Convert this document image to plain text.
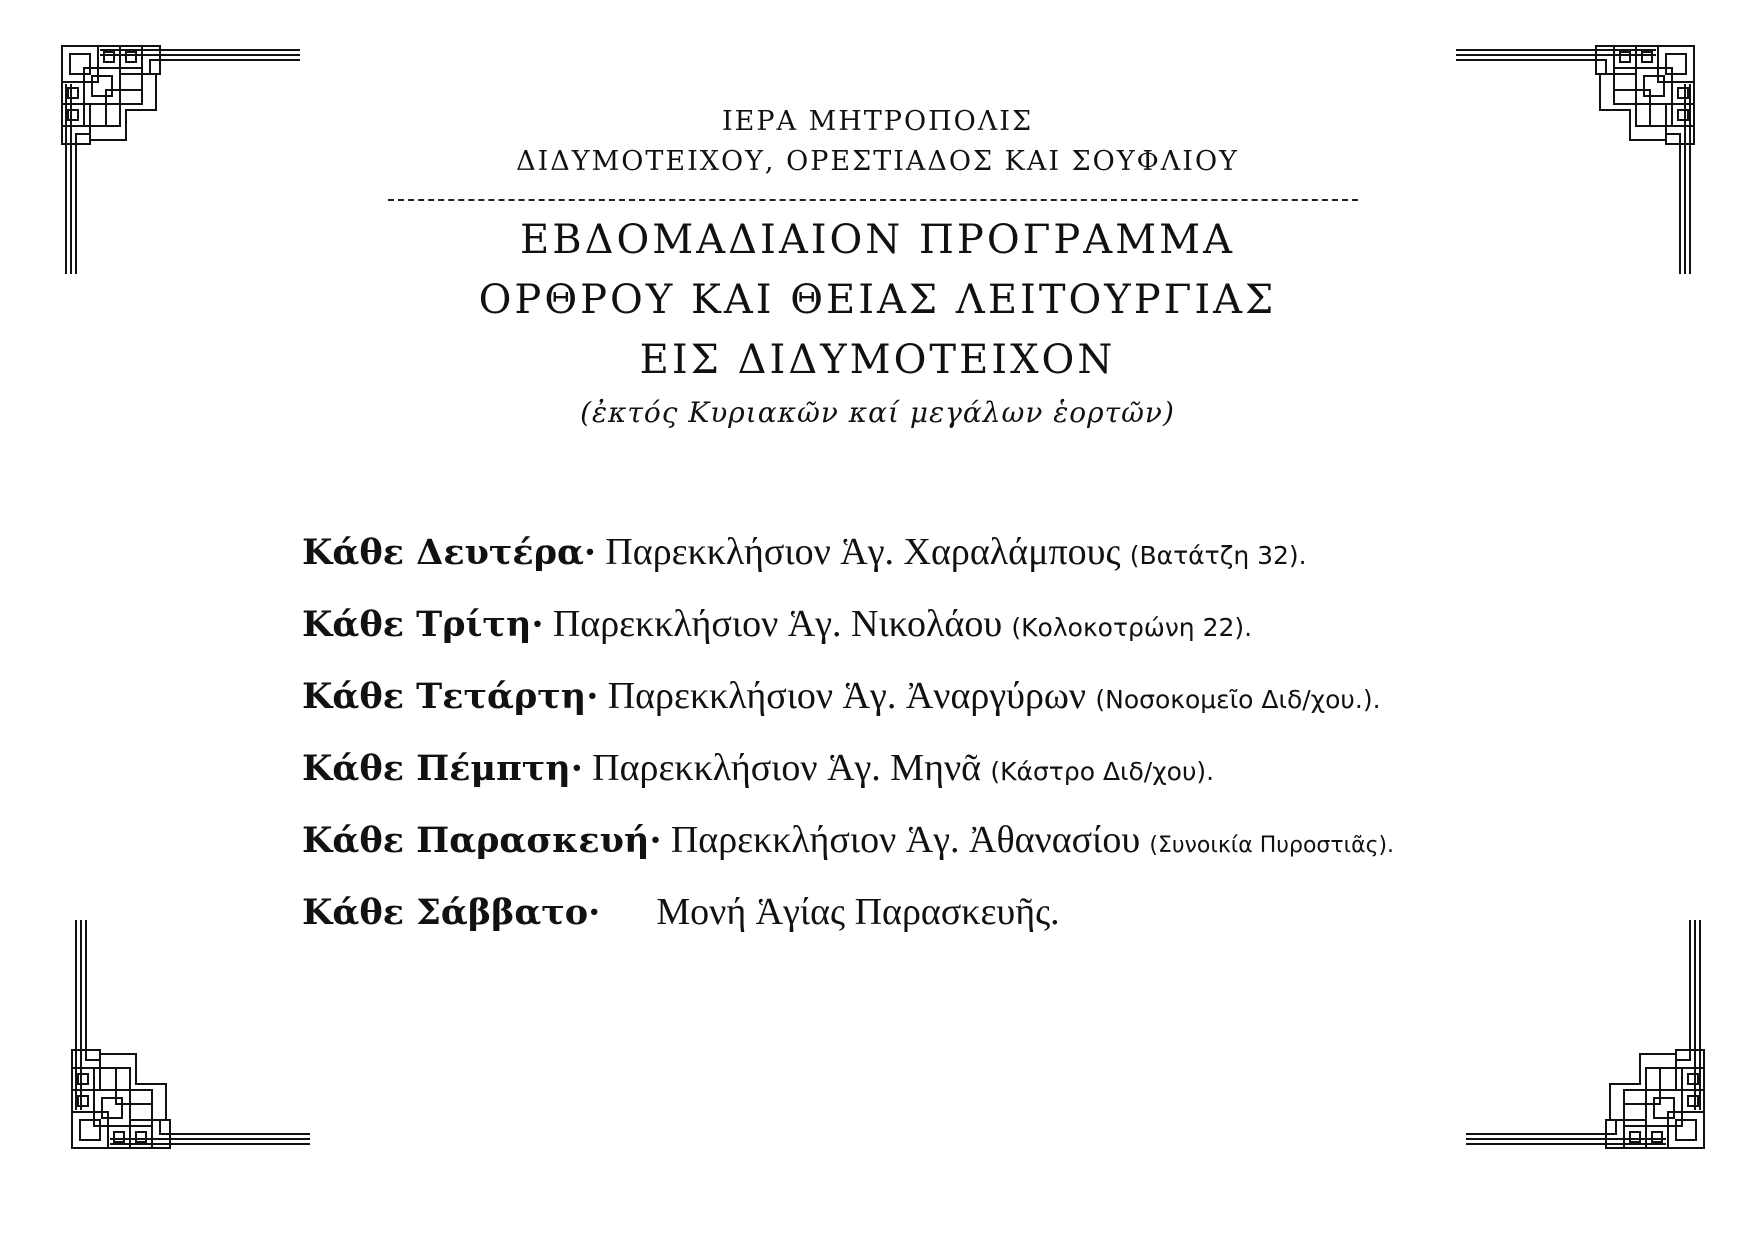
ΙΕΡΑ ΜΗΤΡΟΠΟΛΙΣ
ΔΙΔΥΜΟΤΕΙΧΟΥ, ΟΡΕΣΤΙΑΔΟΣ ΚΑΙ ΣΟΥΦΛΙΟΥ
ΕΒΔΟΜΑΔΙΑΙΟΝ ΠΡΟΓΡΑΜΜΑ
ΟΡΘΡΟΥ ΚΑΙ ΘΕΙΑΣ ΛΕΙΤΟΥΡΓΙΑΣ
ΕΙΣ ΔΙΔΥΜΟΤΕΙΧΟΝ
(ἐκτός Κυριακῶν καί μεγάλων ἑορτῶν)
Κάθε Δευτέρα· Παρεκκλήσιον Ἁγ. Χαραλάμπους (Βατάτζη 32).
Κάθε Τρίτη· Παρεκκλήσιον Ἁγ. Νικολάου (Κολοκοτρώνη 22).
Κάθε Τετάρτη· Παρεκκλήσιον Ἁγ. Ἀναργύρων (Νοσοκομεῖο Διδ/χου.).
Κάθε Πέμπτη· Παρεκκλήσιον Ἁγ. Μηνᾶ (Κάστρο Διδ/χου).
Κάθε Παρασκευή· Παρεκκλήσιον Ἁγ. Ἀθανασίου (Συνοικία Πυροστιᾶς).
Κάθε Σάββατο· Μονή Ἁγίας Παρασκευῆς.
